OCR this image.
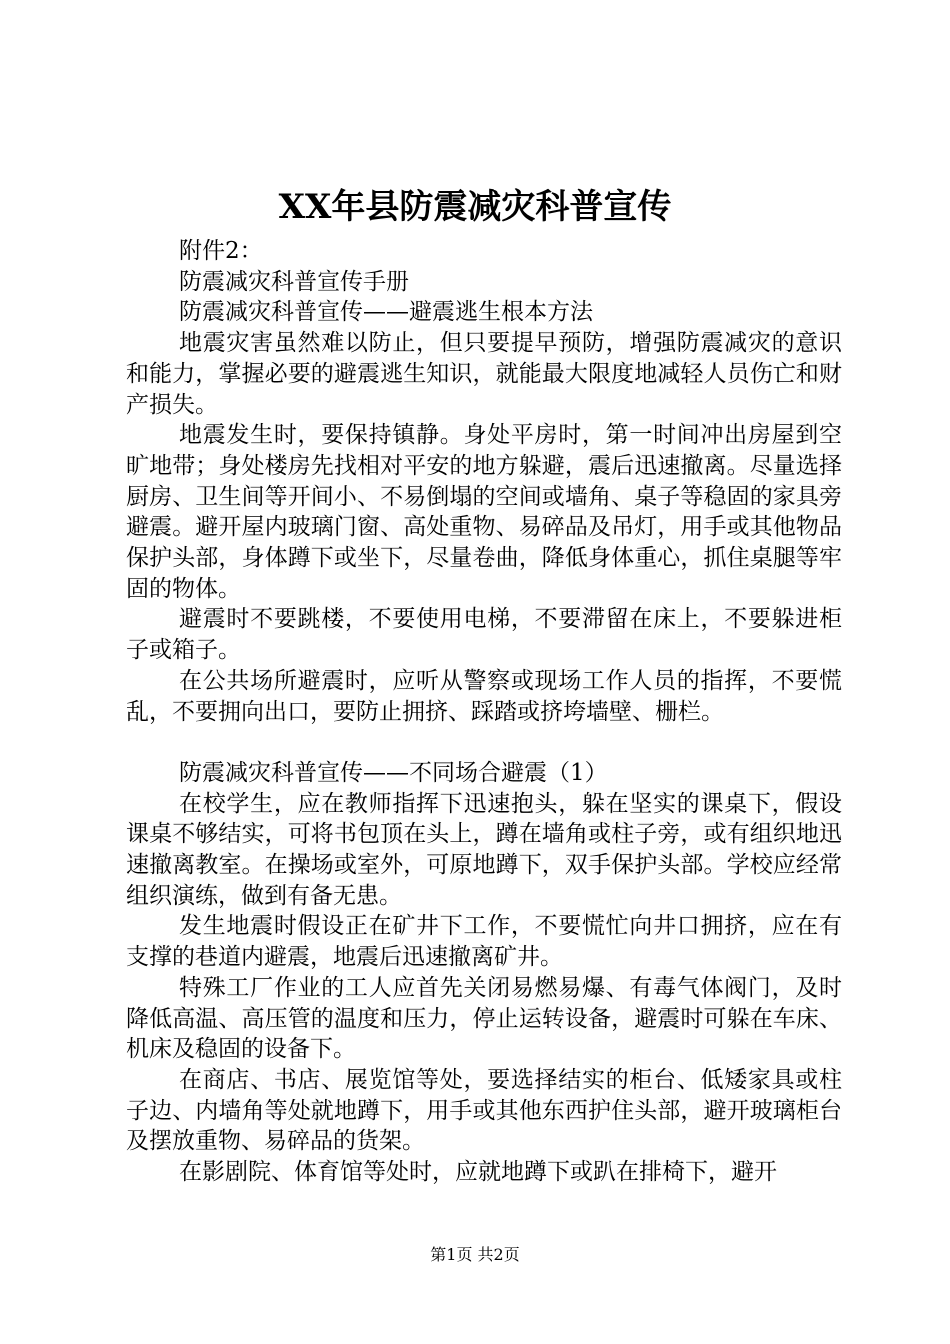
XX年县防震减灾科普宣传

附件2：

防震减灾科普宣传手册

防震减灾科普宣传——避震逃生根本方法

地震灾害虽然难以防止，但只要提早预防，增强防震减灾的意识和能力，掌握必要的避震逃生知识，就能最大限度地减轻人员伤亡和财产损失。

地震发生时，要保持镇静。身处平房时，第一时间冲出房屋到空旷地带；身处楼房先找相对平安的地方躲避，震后迅速撤离。尽量选择厨房、卫生间等开间小、不易倒塌的空间或墙角、桌子等稳固的家具旁避震。避开屋内玻璃门窗、高处重物、易碎品及吊灯，用手或其他物品保护头部，身体蹲下或坐下，尽量卷曲，降低身体重心，抓住桌腿等牢固的物体。

避震时不要跳楼，不要使用电梯，不要滞留在床上，不要躲进柜子或箱子。

在公共场所避震时，应听从警察或现场工作人员的指挥，不要慌乱，不要拥向出口，要防止拥挤、踩踏或挤垮墙壁、栅栏。

防震减灾科普宣传——不同场合避震（1）

在校学生，应在教师指挥下迅速抱头，躲在坚实的课桌下，假设课桌不够结实，可将书包顶在头上，蹲在墙角或柱子旁，或有组织地迅速撤离教室。在操场或室外，可原地蹲下，双手保护头部。学校应经常组织演练，做到有备无患。

发生地震时假设正在矿井下工作，不要慌忙向井口拥挤，应在有支撑的巷道内避震，地震后迅速撤离矿井。

特殊工厂作业的工人应首先关闭易燃易爆、有毒气体阀门，及时降低高温、高压管的温度和压力，停止运转设备，避震时可躲在车床、机床及稳固的设备下。

在商店、书店、展览馆等处，要选择结实的柜台、低矮家具或柱子边、内墙角等处就地蹲下，用手或其他东西护住头部，避开玻璃柜台及摆放重物、易碎品的货架。

在影剧院、体育馆等处时，应就地蹲下或趴在排椅下，避开

第1页 共2页
